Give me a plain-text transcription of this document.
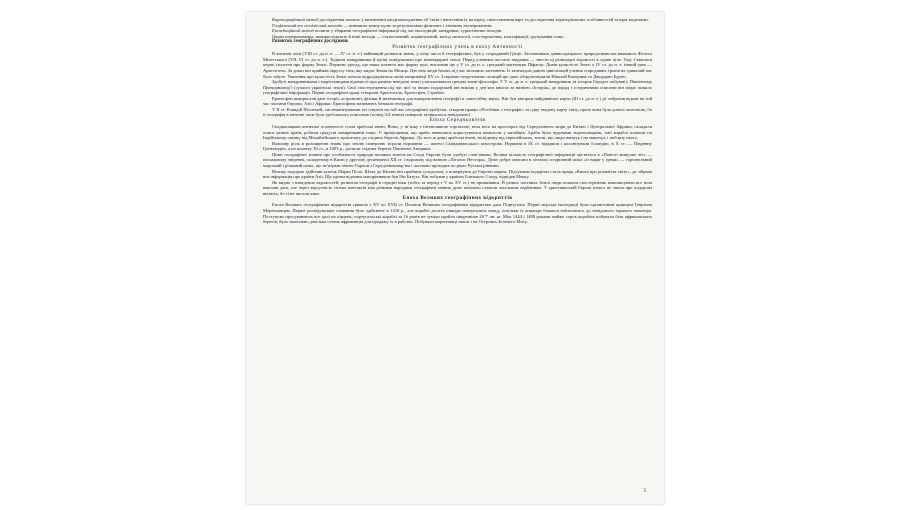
Картографічний метод дослідження полягає у визначенні місцезнаходження об’єктів і нанесення їх на карту, співставлення карт та дослідження територіальних особливостей за карт моделями.

Геофізичний та геохімічний методи — вивчають земну кулю за результатами фізичних і хімічних експериментів.

Експедиційний метод полягає у збиранні географічної інформації під час експедицій, мандрівок, туристичних походів.

Окрім перерахованих, використовують й інші методи — статистичний, порівняльний, метод типології, спостереження, класифікації, групування тощо.

Розвиток географічних досліджень
Розвиток географічних учень в епоху Античності

В античні часи (VIII ст. до н. е. — IV ст. н. е.) найвищий розвиток знань, у тому числі й географічних, був у стародавній Греції. Засновником давньогрецького природознавства вважають Фалеса Мілетського (VII–VI ст. до н. е.). Тодішні мандрівники й купці повідомляли про новевідкриті землі. Перед ученими постало завдання — звести ці різнорідні відомості в єдине ціле. Тоді з’явилися перші гіпотези про форму Землі. Першим здогад, що наша планета має форму кулі, висловив ще у V ст. до н. е. грецький математик Піфагор. Довів кулястість Землі у IV ст. до н. е. інший грек — Аристотель. За доказ він приймав округлу тінь, яку кидає Земля на Місяць. Цю тінь люди бачать під час місячних затемнень. Із занепадом давніх цивілізацій учення стародавніх греків на тривалий час було забуте. Уявлення про кулястість Землі почало відроджуватися лише наприкінці XV ст. З науково-теоретичних позицій цю ідею обґрунтовували Ніколай Коперник та Джордано Бруно.

Здобуті мандрівниками і мореплавцями відомості про раніше невідомі землі узагальнювали грецькі вчені-філософи. У V ст. до н. е. грецький мандрівник та історик Геродот побував у Північному Причорномор’ї (сучасні українські землі). Свої спостереження під час цієї та інших подорожей він виклав у дев’яти книгах за назвою «Історія», де поряд з історичними описами він подає чимало географічної інформації. Перші географічні праці створили Аристотель, Ератосфен, Страбон.

Ератосфен використав дані історії, астрономії, фізики й математики для виокремлення географії в самостійну науку. Він був автором найдавнішої карти (III ст. до н. е.) де зобразив відомі на той час частини Європи, Азії і Африки. Ератосфена називають батьком географії.

У II ст. Клавдій Птолемей, систематизувавши всі існуючі на той час географічні здобутки, створив працю «Посібник з географії» та одну зведену карту світу, проте вона була доволі описовою, бо її географія в античні часи була здебільшого описовою (понад 3/4 земної поверхні залишалося невідомою).

Епоха Середньовіччя

Спадкоємцями античної освіченості стала арабські вчені. Вони, у зв’язку з інтенсивною торгівлею, вела весь на просторах від Середземного моря до Китаю і Центральної Африки, складали описи різних країн, робили градусні вимірювання тощо. Є припущення, що араби навчилися користуватися компасом у китайців. Араби були чудовими мореплавцями, їхні кораблі плавали по Індійському океану від Малайзійського архіпелагу до східних берегів Африки. До того ж деякі арабські вчені, на відміну від європейських, знали, що люди живуть і на екваторі, і поблизу нього.

Важливу роль в розширенні знань про землю поверхню зіграли норманни — жителі Скандинавського півострова. Нормани в IX ст. відкрили і колонізували Ісландію, в X ст. — Південну Гренландію, а на початку XI ст., в 1003 р., досягли східних берегів Північної Америки.

Цінні географічні знання про особливості природи великих земель на Сході Європи були здобуті слов’янами. Велика кількість географічної інформації міститься в «Повісті минулих літ» — письмовому зведенні, складеному в Києві у другому десятиріччі XII ст. і відомому під назвою «Літопис Нестора». Дуже добре описано в літописі історичний шлях «із варяг у греки» — торговельний морський і річковий шлях, що зв’язував північ Європи з Середземномор’ям і частково проходив по ріках Руської рівнини.

Велику подорож здійснив купець Марко Поло. Шлях до Китаю він пройшов суходолом, а повернувся до Європи морем. Підсумком подорожі стала праця «Книга про розмаїття світу», де зібрана вся інформація про країни Азії. Ще одним відомим мандрівником був Ібн Батута. Він побував у країнах Близького Сходу, відвідав Мекку.

Як видно з наведених відомостей, розвиток географії в середні віки (тобто за період з V по XV ст.) не припинявся. В різних частинах Землі люди шляхом спостережень накопичували все нові важливі дані, але через відсутність тісних контактів між різними народами географічні знання дуже повільно ставали загальним надбанням. У християнській Європі нічого не знали про подорожі вікінгів, бо ті не писали книг.

Епоха Великих географічних відкриттів

Епоха Великих географічних відкриттів тривала з XV по XVII ст. Початок Великим географічним відкриттям дала Португалія. Перші морські експедиції були організовані принцом Генріхом Мореплавцем. Перше розвідувальне плавання було здійснене в 1418 р., але кораблі досить швидко поверталися назад, оскільки їх команди боялися наблизитись до невідомого гарячого екватора. Поступово просуваючись все далі на південь, португальські кораблі за 16 років не зуміли пройти південніше 26°7 пн. ш. Між 1444 і 1488 роками майже сорок кораблів побували біля африканських берегів, було захоплено декілька сотень африканців для продажу їх в рабство. Побували мореплавці також і на Островах Зеленого Мису.

5
